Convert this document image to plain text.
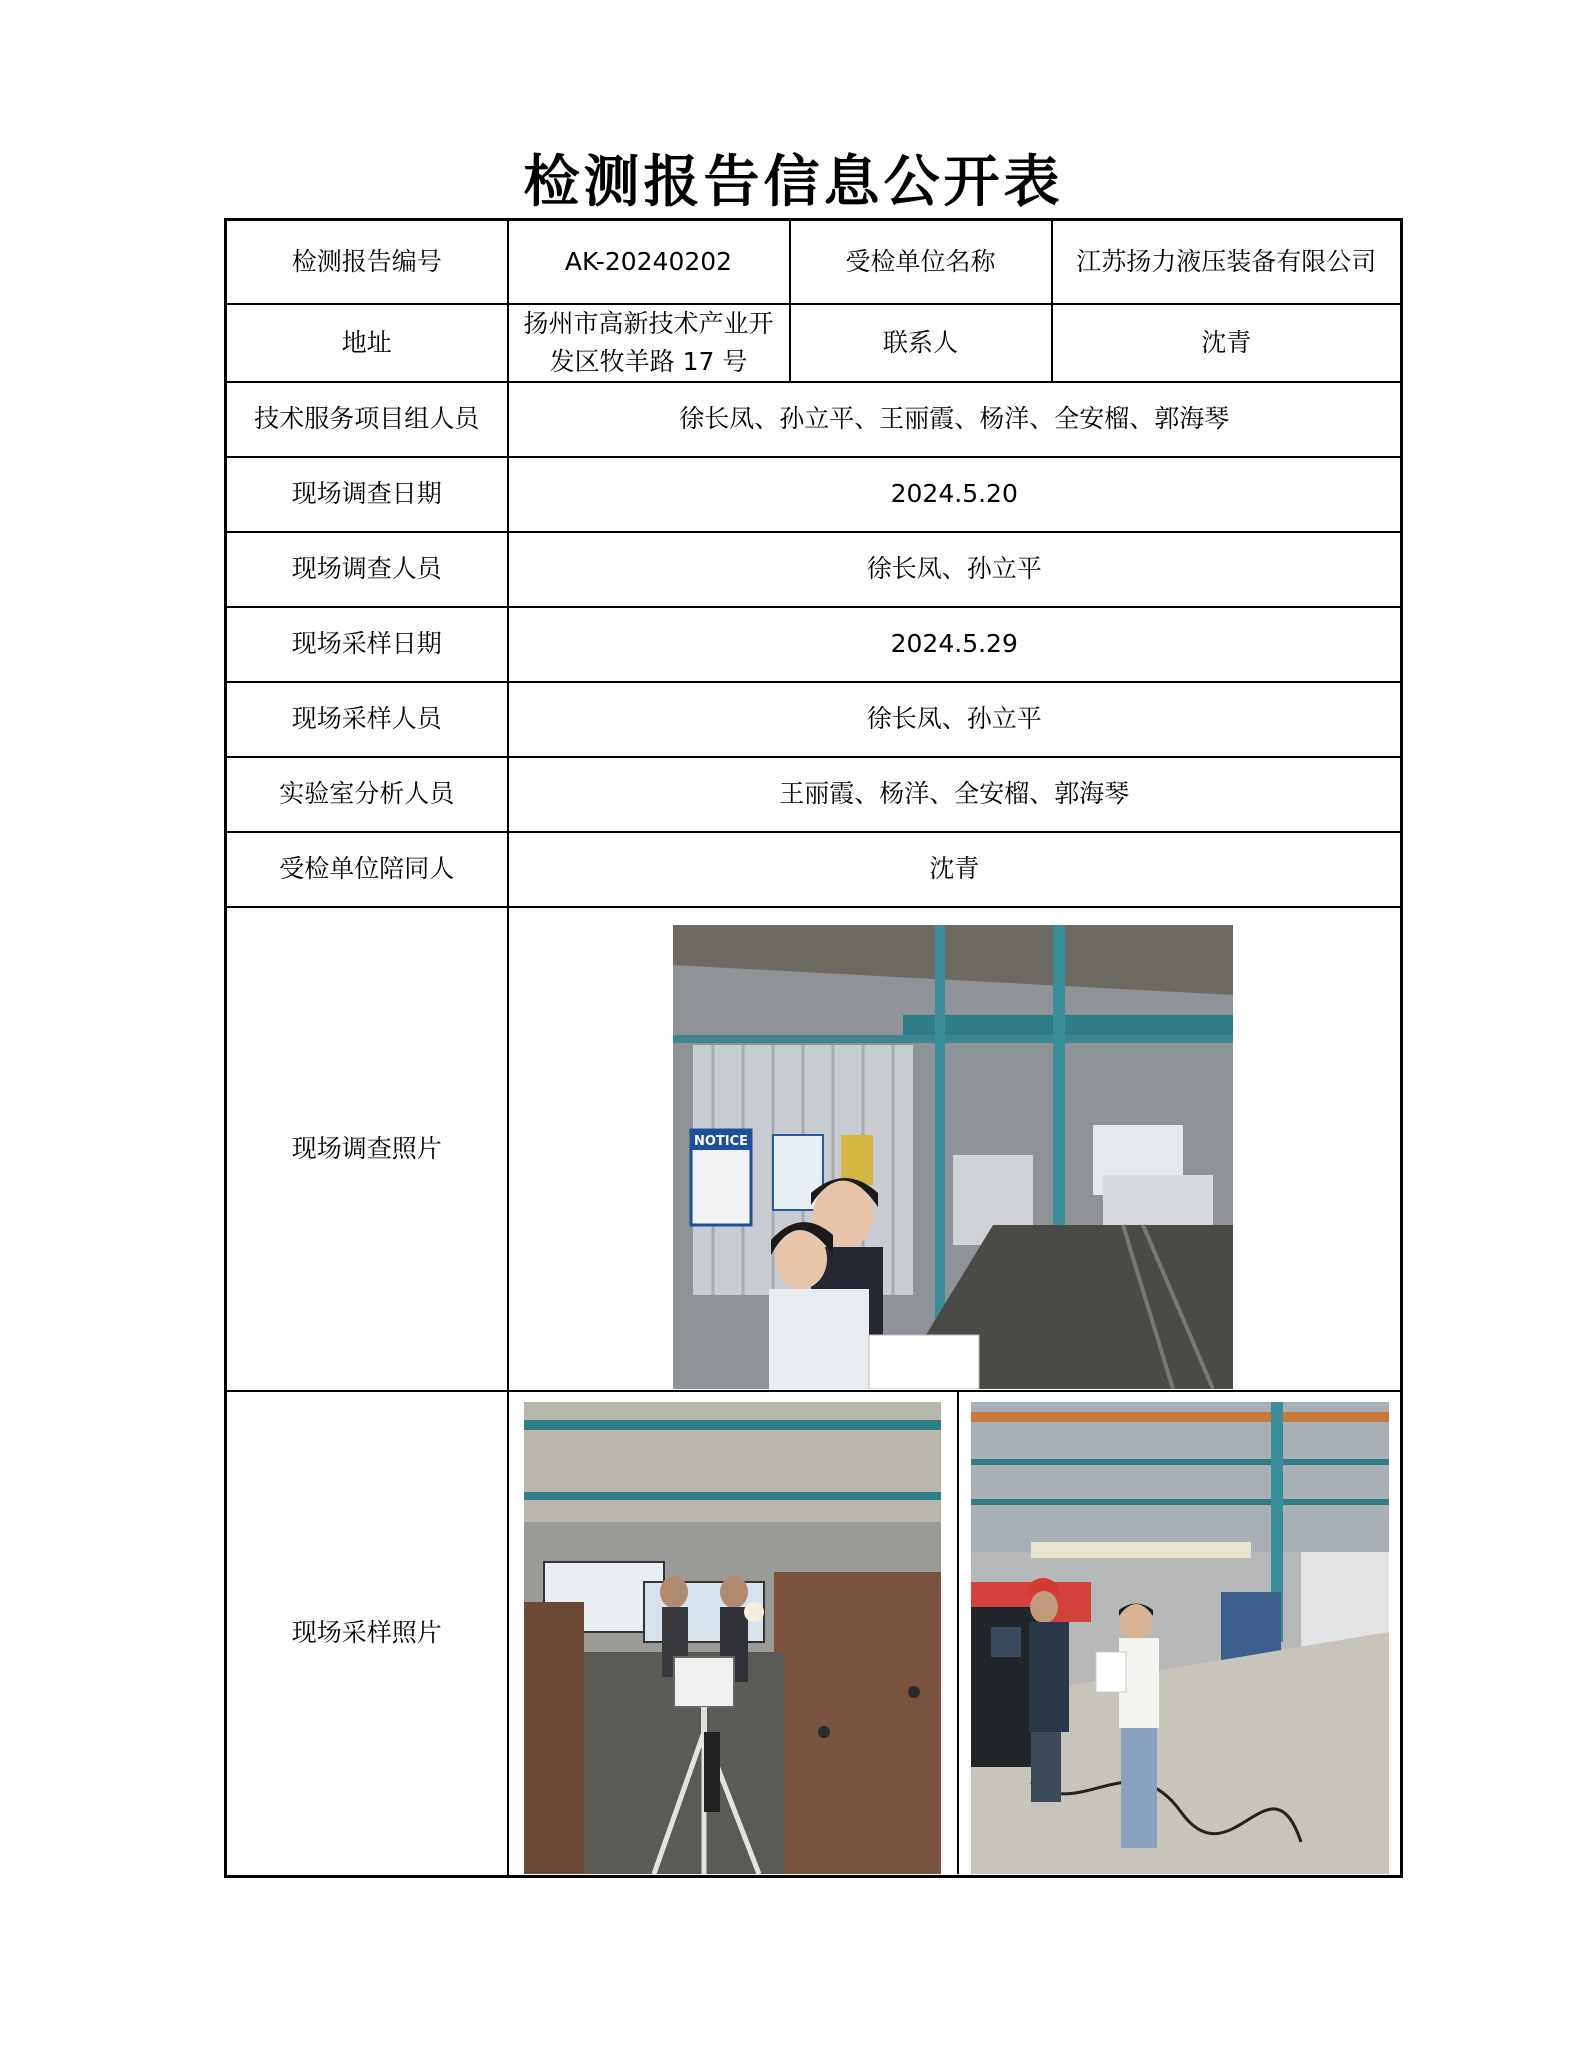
检测报告信息公开表
检测报告编号	AK-20240202	受检单位名称	江苏扬力液压装备有限公司
地址	扬州市高新技术产业开发区牧羊路 17 号	联系人	沈青
技术服务项目组人员	徐长凤、孙立平、王丽霞、杨洋、全安榴、郭海琴		
现场调查日期	2024.5.20		
现场调查人员	徐长凤、孙立平		
现场采样日期	2024.5.29		
现场采样人员	徐长凤、孙立平		
实验室分析人员	王丽霞、杨洋、全安榴、郭海琴		
受检单位陪同人	沈青		
现场调查照片	NOTICE		

现场采样照片	
